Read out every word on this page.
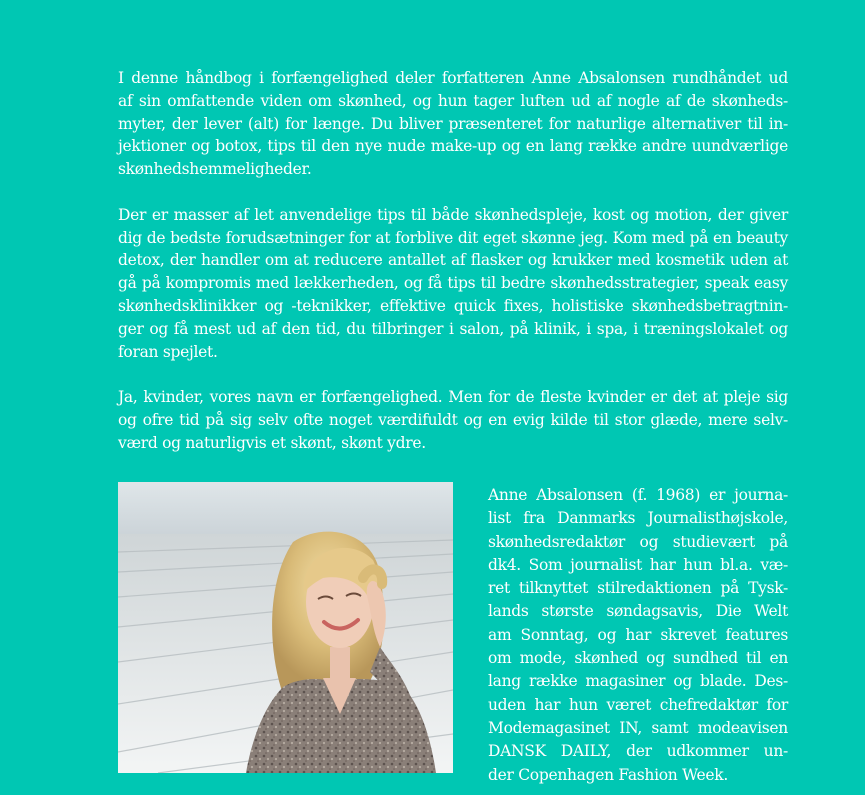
I denne håndbog i forfængelighed deler forfatteren Anne Absalonsen rundhåndet ud
af sin omfattende viden om skønhed, og hun tager luften ud af nogle af de skønheds-
myter, der lever (alt) for længe. Du bliver præsenteret for naturlige alternativer til in-
jektioner og botox, tips til den nye nude make-up og en lang række andre uundværlige
skønhedshemmeligheder.
Der er masser af let anvendelige tips til både skønhedspleje, kost og motion, der giver
dig de bedste forudsætninger for at forblive dit eget skønne jeg. Kom med på en beauty
detox, der handler om at reducere antallet af flasker og krukker med kosmetik uden at
gå på kompromis med lækkerheden, og få tips til bedre skønhedsstrategier, speak easy
skønhedsklinikker og -teknikker, effektive quick fixes, holistiske skønhedsbetragtnin-
ger og få mest ud af den tid, du tilbringer i salon, på klinik, i spa, i træningslokalet og
foran spejlet.
Ja, kvinder, vores navn er forfængelighed. Men for de fleste kvinder er det at pleje sig
og ofre tid på sig selv ofte noget værdifuldt og en evig kilde til stor glæde, mere selv-
værd og naturligvis et skønt, skønt ydre.
Anne Absalonsen (f. 1968) er journa-
list fra Danmarks Journalisthøjskole,
skønhedsredaktør og studievært på
dk4. Som journalist har hun bl.a. væ-
ret tilknyttet stilredaktionen på Tysk-
lands største søndagsavis, Die Welt
am Sonntag, og har skrevet features
om mode, skønhed og sundhed til en
lang række magasiner og blade. Des-
uden har hun været chefredaktør for
Modemagasinet IN, samt modeavisen
DANSK DAILY, der udkommer un-
der Copenhagen Fashion Week.
